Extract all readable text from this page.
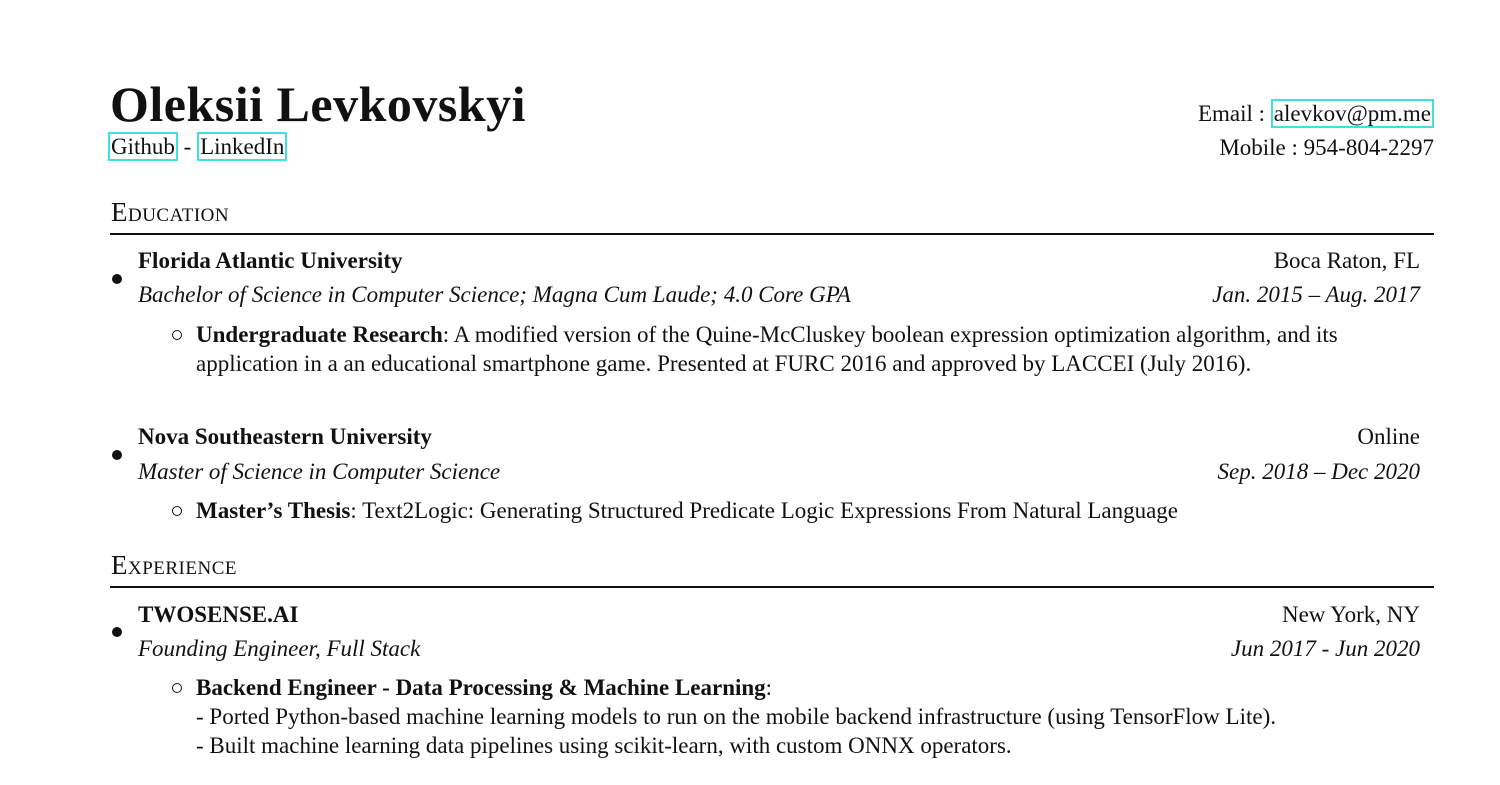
Oleksii Levkovskyi
Github - LinkedIn
Email : alevkov@pm.me
Mobile : 954-804-2297
Education
Florida Atlantic University	Boca Raton, FL
Bachelor of Science in Computer Science; Magna Cum Laude; 4.0 Core GPA	Jan. 2015 – Aug. 2017
Undergraduate Research: A modified version of the Quine-McCluskey boolean expression optimization algorithm, and its application in a an educational smartphone game. Presented at FURC 2016 and approved by LACCEI (July 2016).
Nova Southeastern University	Online
Master of Science in Computer Science	Sep. 2018 – Dec 2020
Master’s Thesis: Text2Logic: Generating Structured Predicate Logic Expressions From Natural Language
Experience
TWOSENSE.AI	New York, NY
Founding Engineer, Full Stack	Jun 2017 - Jun 2020
Backend Engineer - Data Processing & Machine Learning:
- Ported Python-based machine learning models to run on the mobile backend infrastructure (using TensorFlow Lite).
- Built machine learning data pipelines using scikit-learn, with custom ONNX operators.
